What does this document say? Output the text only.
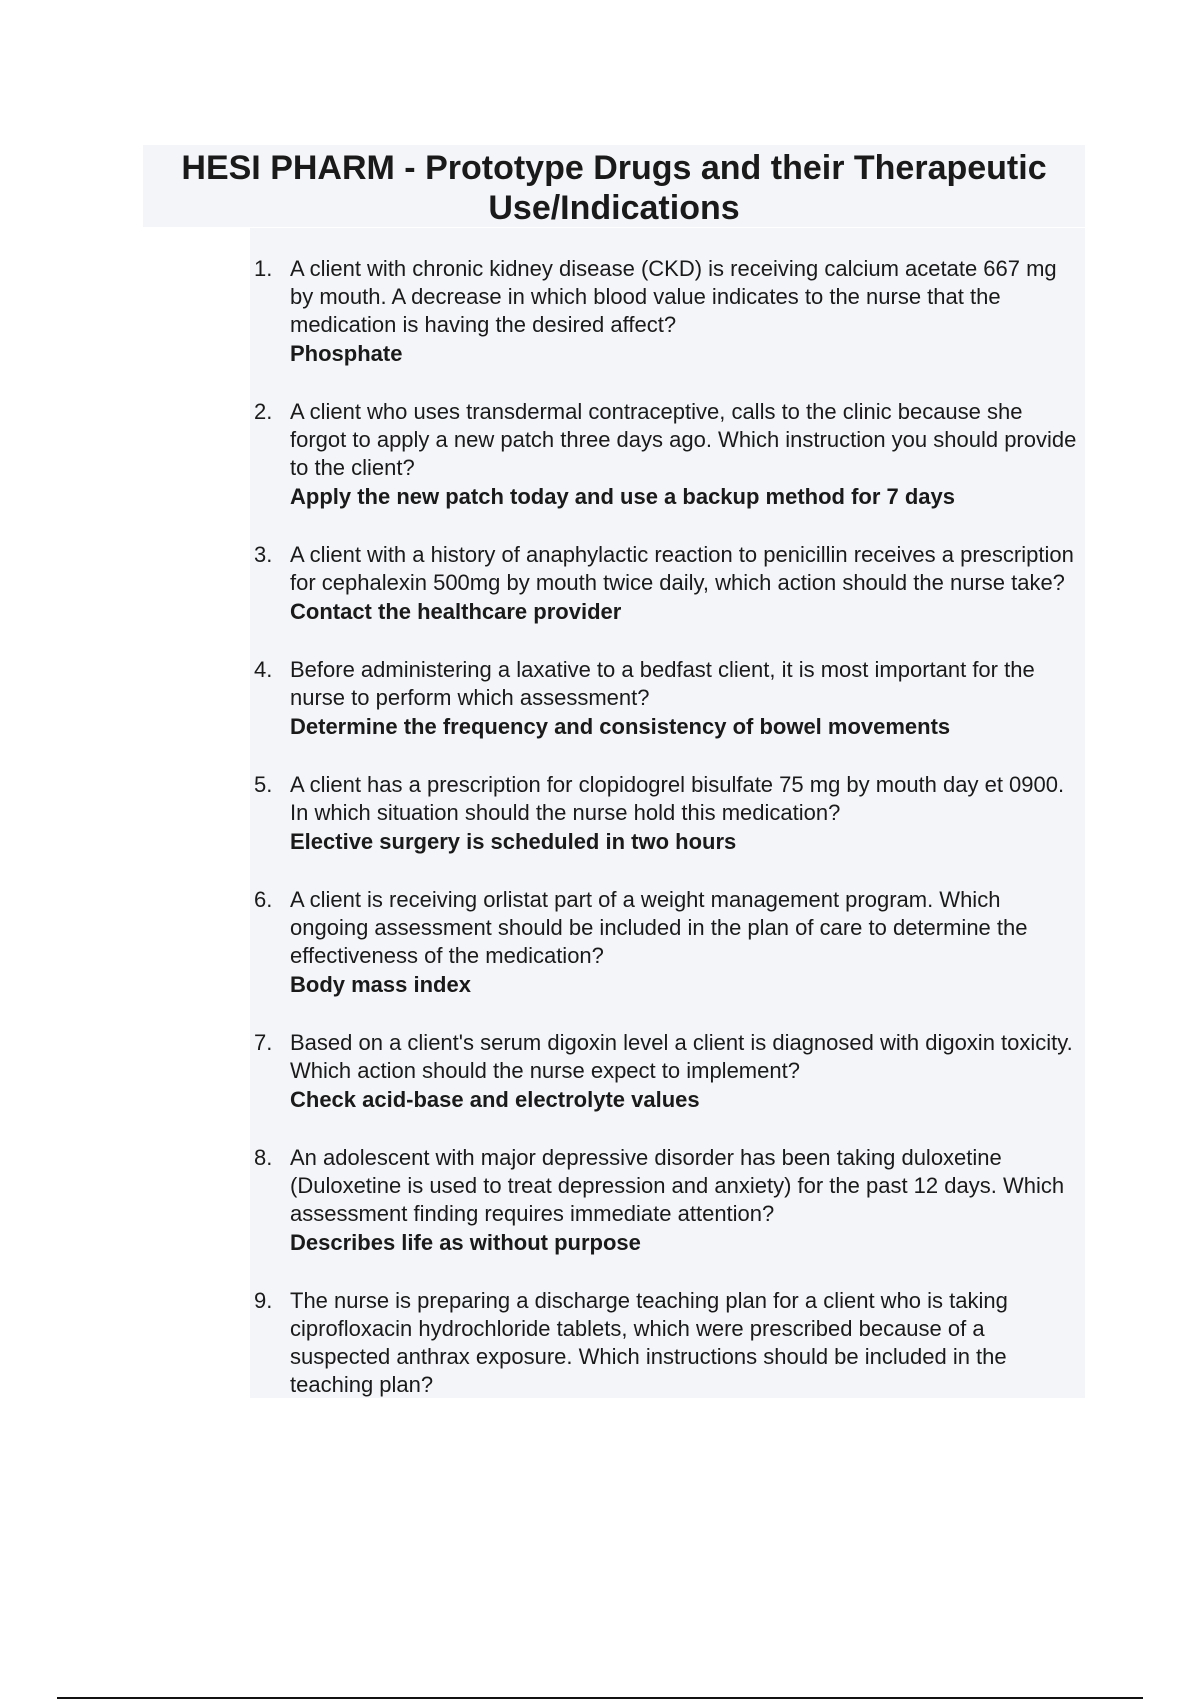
HESI PHARM - Prototype Drugs and their Therapeutic Use/Indications
1. A client with chronic kidney disease (CKD) is receiving calcium acetate 667 mg by mouth. A decrease in which blood value indicates to the nurse that the medication is having the desired affect?

Phosphate

2. A client who uses transdermal contraceptive, calls to the clinic because she forgot to apply a new patch three days ago. Which instruction you should provide to the client?

Apply the new patch today and use a backup method for 7 days

3. A client with a history of anaphylactic reaction to penicillin receives a prescription for cephalexin 500mg by mouth twice daily, which action should the nurse take?

Contact the healthcare provider

4. Before administering a laxative to a bedfast client, it is most important for the nurse to perform which assessment?

Determine the frequency and consistency of bowel movements

5. A client has a prescription for clopidogrel bisulfate 75 mg by mouth day et 0900. In which situation should the nurse hold this medication?

Elective surgery is scheduled in two hours

6. A client is receiving orlistat part of a weight management program. Which ongoing assessment should be included in the plan of care to determine the effectiveness of the medication?

Body mass index

7. Based on a client's serum digoxin level a client is diagnosed with digoxin toxicity. Which action should the nurse expect to implement?

Check acid-base and electrolyte values

8. An adolescent with major depressive disorder has been taking duloxetine (Duloxetine is used to treat depression and anxiety) for the past 12 days. Which assessment finding requires immediate attention?

Describes life as without purpose

9. The nurse is preparing a discharge teaching plan for a client who is taking ciprofloxacin hydrochloride tablets, which were prescribed because of a suspected anthrax exposure. Which instructions should be included in the teaching plan?
